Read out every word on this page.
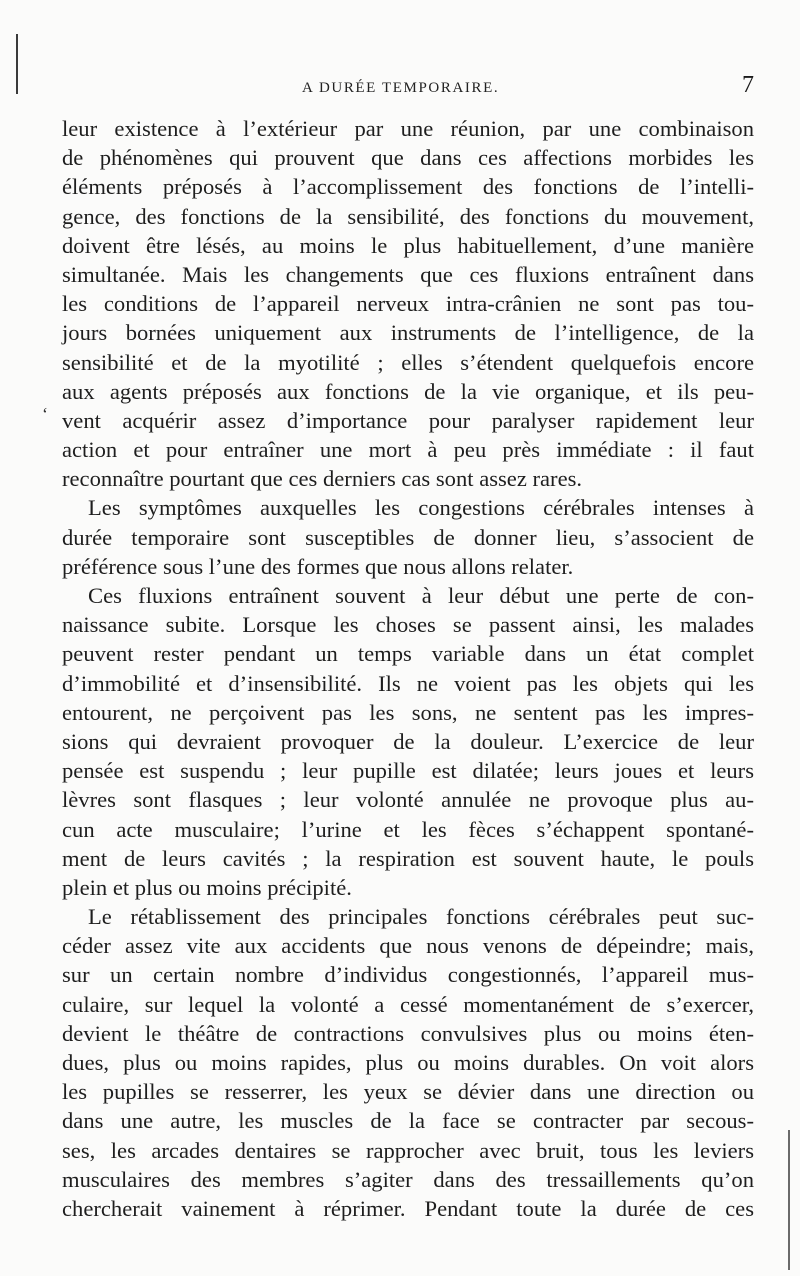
A DURÉE TEMPORAIRE.	7
ʻ
leur existence à l’extérieur par une réunion, par une combinaison
de phénomènes qui prouvent que dans ces affections morbides les
éléments préposés à l’accomplissement des fonctions de l’intelli-
gence, des fonctions de la sensibilité, des fonctions du mouvement,
doivent être lésés, au moins le plus habituellement, d’une manière
simultanée. Mais les changements que ces fluxions entraînent dans
les conditions de l’appareil nerveux intra-crânien ne sont pas tou-
jours bornées uniquement aux instruments de l’intelligence, de la
sensibilité et de la myotilité ; elles s’étendent quelquefois encore
aux agents préposés aux fonctions de la vie organique, et ils peu-
vent acquérir assez d’importance pour paralyser rapidement leur
action et pour entraîner une mort à peu près immédiate : il faut
reconnaître pourtant que ces derniers cas sont assez rares.
Les symptômes auxquelles les congestions cérébrales intenses à
durée temporaire sont susceptibles de donner lieu, s’associent de
préférence sous l’une des formes que nous allons relater.
Ces fluxions entraînent souvent à leur début une perte de con-
naissance subite. Lorsque les choses se passent ainsi, les malades
peuvent rester pendant un temps variable dans un état complet
d’immobilité et d’insensibilité. Ils ne voient pas les objets qui les
entourent, ne perçoivent pas les sons, ne sentent pas les impres-
sions qui devraient provoquer de la douleur. L’exercice de leur
pensée est suspendu ; leur pupille est dilatée; leurs joues et leurs
lèvres sont flasques ; leur volonté annulée ne provoque plus au-
cun acte musculaire; l’urine et les fèces s’échappent spontané-
ment de leurs cavités ; la respiration est souvent haute, le pouls
plein et plus ou moins précipité.
Le rétablissement des principales fonctions cérébrales peut suc-
céder assez vite aux accidents que nous venons de dépeindre; mais,
sur un certain nombre d’individus congestionnés, l’appareil mus-
culaire, sur lequel la volonté a cessé momentanément de s’exercer,
devient le théâtre de contractions convulsives plus ou moins éten-
dues, plus ou moins rapides, plus ou moins durables. On voit alors
les pupilles se resserrer, les yeux se dévier dans une direction ou
dans une autre, les muscles de la face se contracter par secous-
ses, les arcades dentaires se rapprocher avec bruit, tous les leviers
musculaires des membres s’agiter dans des tressaillements qu’on
chercherait vainement à réprimer. Pendant toute la durée de ces
